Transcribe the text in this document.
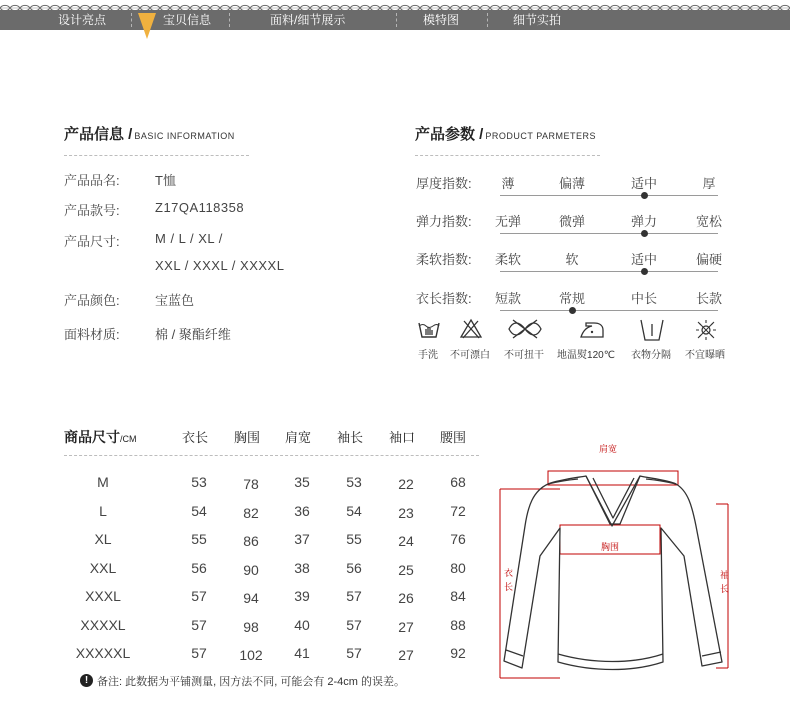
设计亮点	宝贝信息	面料/细节展示	模特图	细节实拍
产品信息 / BASIC INFORMATION
产品品名:	T恤
产品款号:	Z17QA118358
产品尺寸:	M / L / XL /
XXL / XXXL / XXXXL
产品颜色:	宝蓝色
面料材质:	棉 / 聚酯纤维
产品参数 / PRODUCT PARMETERS
厚度指数: 薄	偏薄	适中	厚
弹力指数: 无弹	微弹	弹力	宽松
柔软指数: 柔软	软	适中	偏硬
衣长指数: 短款	常规	中长	长款
手洗 不可漂白 不可扭干 地温熨120℃ 衣物分隔 不宜曝晒
商品尺寸/CM	衣长 胸围 肩宽 袖长 袖口 腰围
M	53	78	35	53	22	68
L	54	82	36	54	23	72
XL	55	86	37	55	24	76
XXL	56	90	38	56	25	80
XXXL	57	94	39	57	26	84
XXXXL	57	98	40	57	27	88
XXXXXL	57 102 41	57	27	92
! 备注: 此数据为平铺测量, 因方法不同, 可能会有 2-4cm 的误差。
肩宽
胸围
衣
长
袖
长
